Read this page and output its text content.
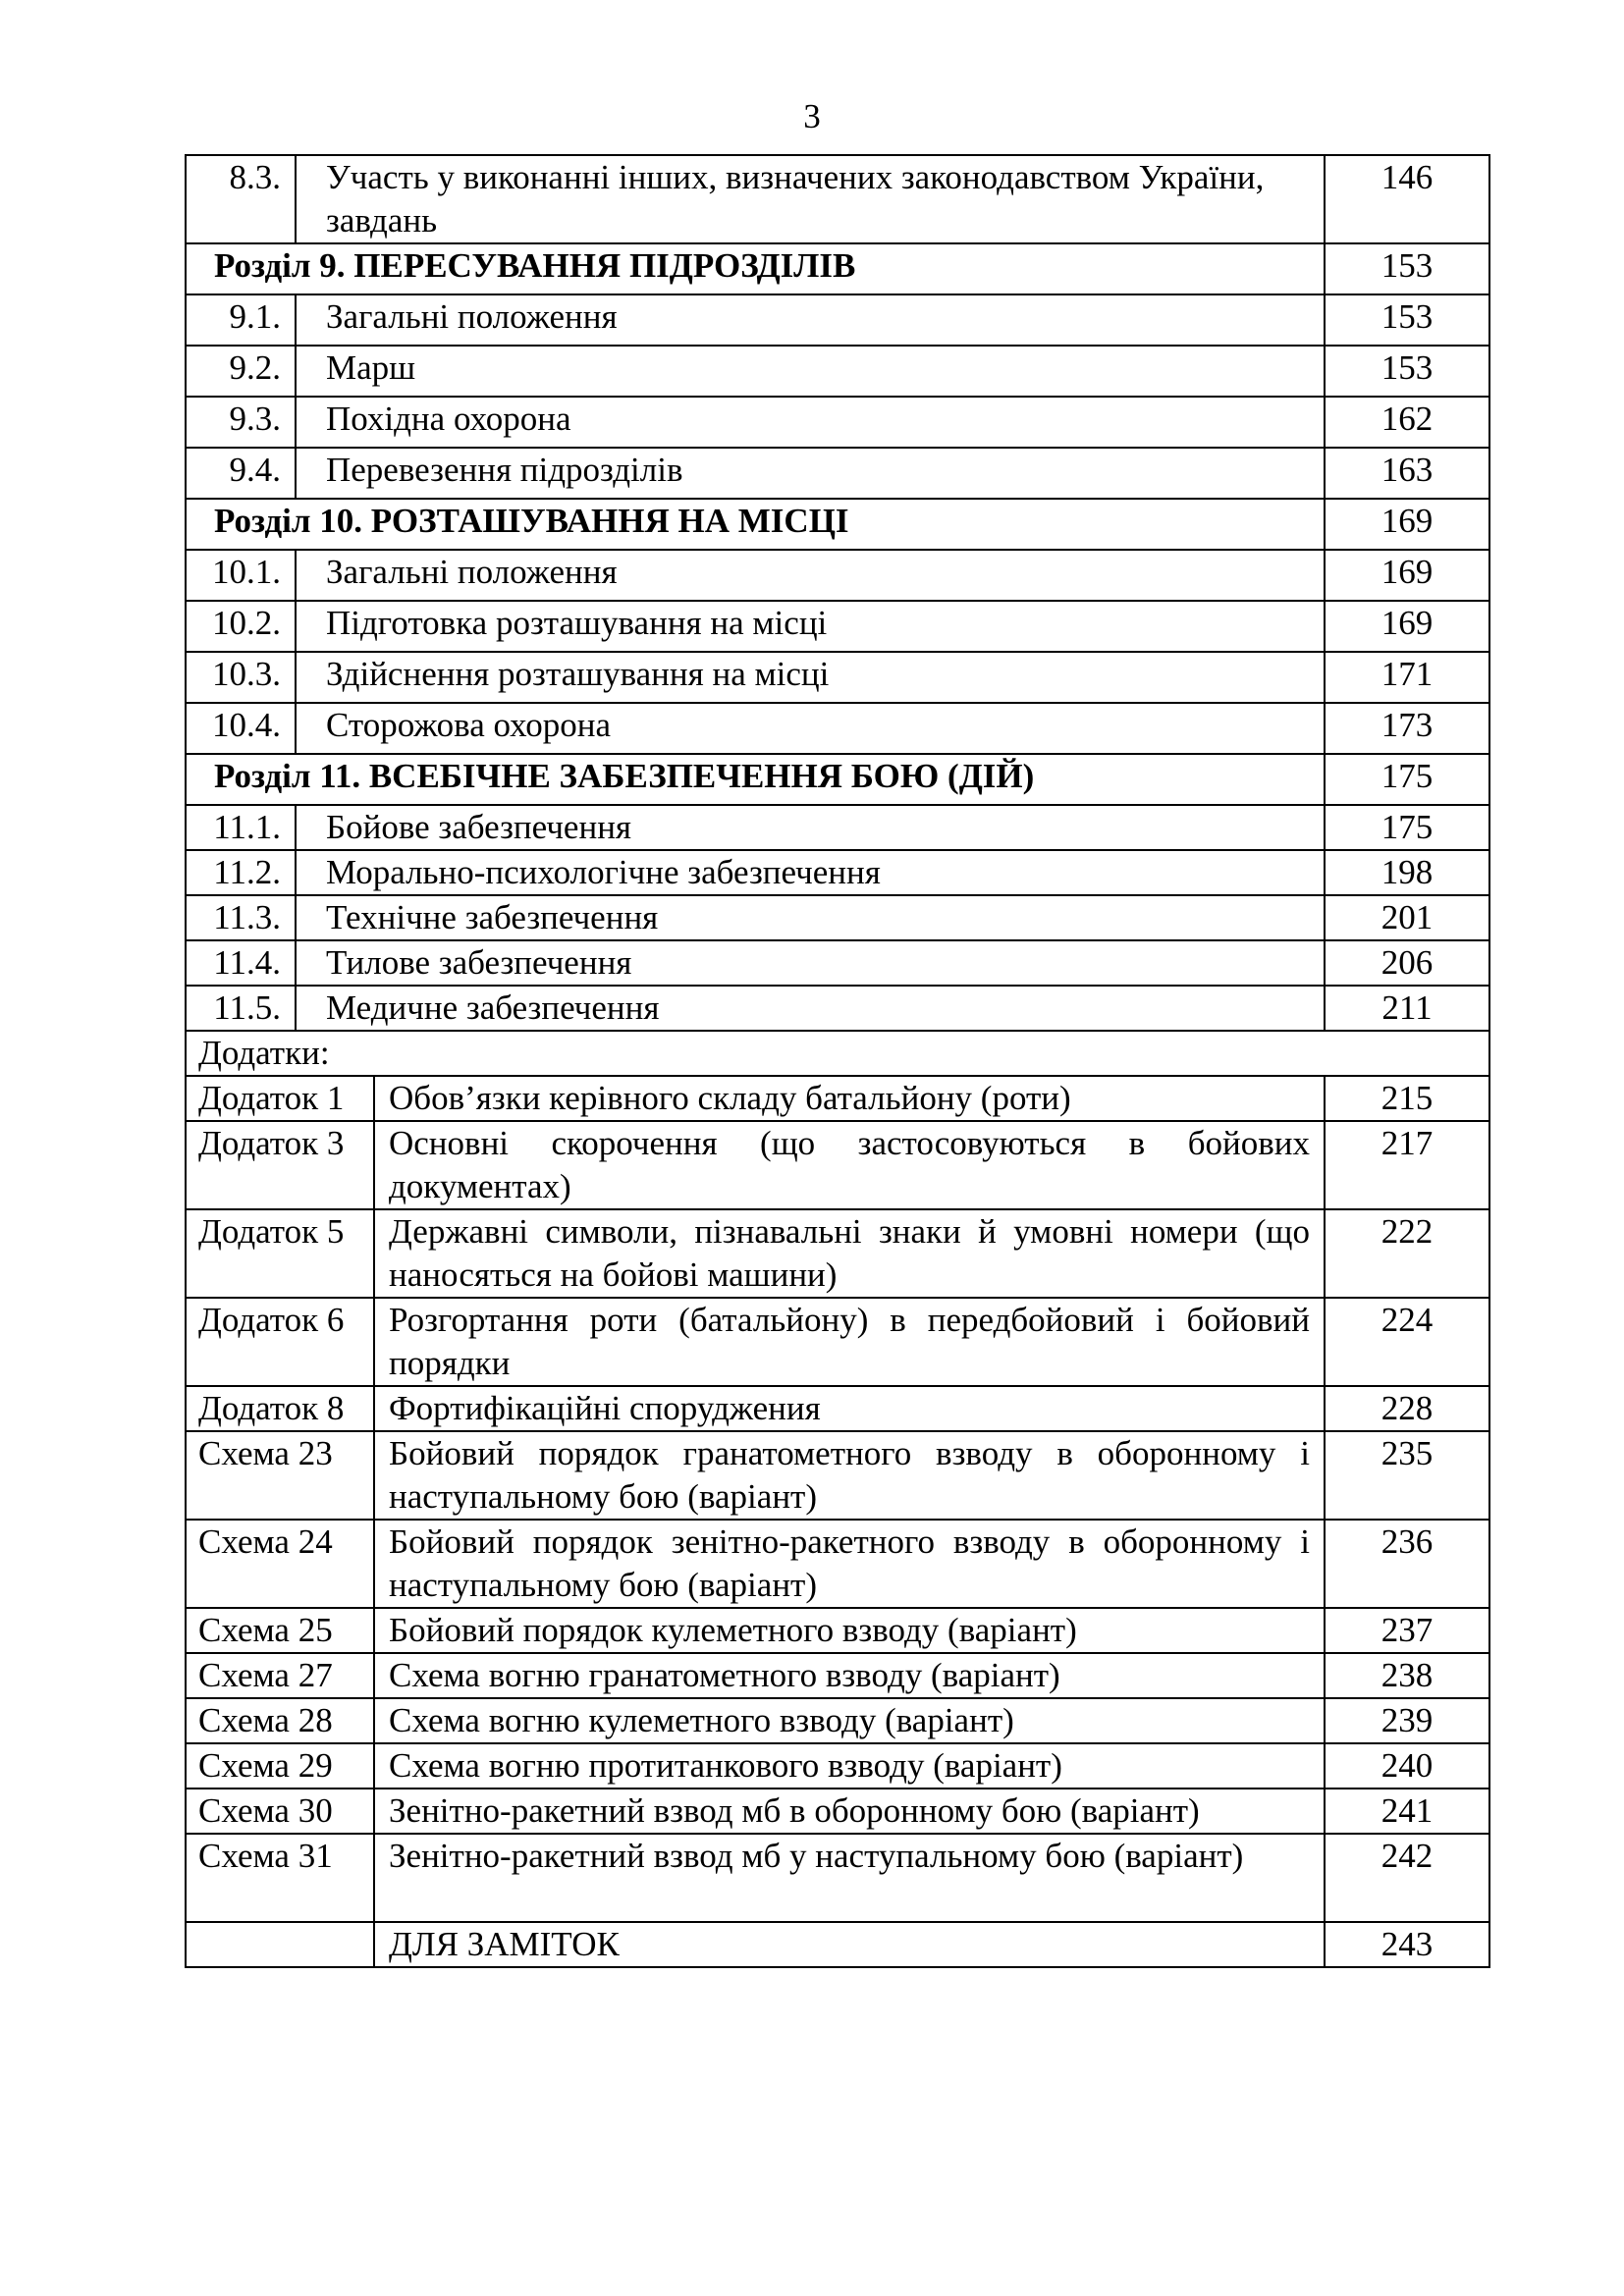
3
8.3.	Участь у виконанні інших, визначених законодавством України, завдань		146
Розділ 9. ПЕРЕСУВАННЯ ПІДРОЗДІЛІВ			153
9.1.	Загальні положення		153
9.2.	Марш		153
9.3.	Похідна охорона		162
9.4.	Перевезення підрозділів		163
Розділ 10. РОЗТАШУВАННЯ НА МІСЦІ			169
10.1.	Загальні положення		169
10.2.	Підготовка розташування на місці		169
10.3.	Здійснення розташування на місці		171
10.4.	Сторожова охорона		173
Розділ 11. ВСЕБІЧНЕ ЗАБЕЗПЕЧЕННЯ БОЮ (ДІЙ)			175
11.1.	Бойове забезпечення		175
11.2.	Морально-психологічне забезпечення		198
11.3.	Технічне забезпечення		201
11.4.	Тилове забезпечення		206
11.5.	Медичне забезпечення		211
Додатки:			
Додаток 1		Обов’язки керівного складу батальйону (роти)	215
Додаток 3		Основні скорочення (що застосовуються в бойових документах)	217
Додаток 5		Державні символи, пізнавальні знаки й умовні номери (що наносяться на бойові машини)	222
Додаток 6		Розгортання роти (батальйону) в передбойовий і бойовий порядки	224
Додаток 8		Фортифікаційні споруджения	228
Схема 23		Бойовий порядок гранатометного взводу в оборонному і наступальному бою (варіант)	235
Схема 24		Бойовий порядок зенітно-ракетного взводу в оборонному і наступальному бою (варіант)	236
Схема 25		Бойовий порядок кулеметного взводу (варіант)	237
Схема 27		Схема вогню гранатометного взводу (варіант)	238
Схема 28		Схема вогню кулеметного взводу (варіант)	239
Схема 29		Схема вогню протитанкового взводу (варіант)	240
Схема 30		Зенітно-ракетний взвод мб в оборонному бою (варіант)	241
Схема 31		Зенітно-ракетний взвод мб у наступальному бою (варіант)	242
		ДЛЯ ЗАМІТОК	243
